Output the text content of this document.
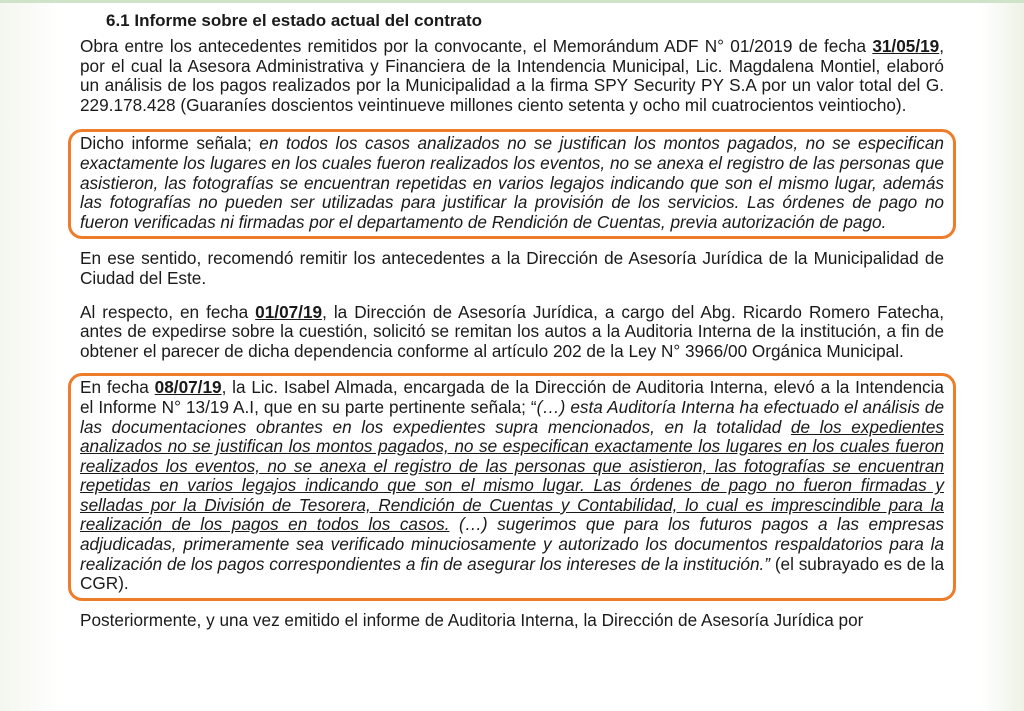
6.1 Informe sobre el estado actual del contrato

Obra entre los antecedentes remitidos por la convocante, el Memorándum ADF N° 01/2019 de fecha 31/05/19, por el cual la Asesora Administrativa y Financiera de la Intendencia Municipal, Lic. Magdalena Montiel, elaboró un análisis de los pagos realizados por la Municipalidad a la firma SPY Security PY S.A por un valor total del G. 229.178.428 (Guaraníes doscientos veintinueve millones ciento setenta y ocho mil cuatrocientos veintiocho).

Dicho informe señala; en todos los casos analizados no se justifican los montos pagados, no se especifican exactamente los lugares en los cuales fueron realizados los eventos, no se anexa el registro de las personas que asistieron, las fotografías se encuentran repetidas en varios legajos indicando que son el mismo lugar, además las fotografías no pueden ser utilizadas para justificar la provisión de los servicios. Las órdenes de pago no fueron verificadas ni firmadas por el departamento de Rendición de Cuentas, previa autorización de pago.

En ese sentido, recomendó remitir los antecedentes a la Dirección de Asesoría Jurídica de la Municipalidad de Ciudad del Este.

Al respecto, en fecha 01/07/19, la Dirección de Asesoría Jurídica, a cargo del Abg. Ricardo Romero Fatecha, antes de expedirse sobre la cuestión, solicitó se remitan los autos a la Auditoria Interna de la institución, a fin de obtener el parecer de dicha dependencia conforme al artículo 202 de la Ley N° 3966/00 Orgánica Municipal.

En fecha 08/07/19, la Lic. Isabel Almada, encargada de la Dirección de Auditoria Interna, elevó a la Intendencia el Informe N° 13/19 A.I, que en su parte pertinente señala; “(…) esta Auditoría Interna ha efectuado el análisis de las documentaciones obrantes en los expedientes supra mencionados, en la totalidad de los expedientes analizados no se justifican los montos pagados, no se especifican exactamente los lugares en los cuales fueron realizados los eventos, no se anexa el registro de las personas que asistieron, las fotografías se encuentran repetidas en varios legajos indicando que son el mismo lugar. Las órdenes de pago no fueron firmadas y selladas por la División de Tesorera, Rendición de Cuentas y Contabilidad, lo cual es imprescindible para la realización de los pagos en todos los casos. (…) sugerimos que para los futuros pagos a las empresas adjudicadas, primeramente sea verificado minuciosamente y autorizado los documentos respaldatorios para la realización de los pagos correspondientes a fin de asegurar los intereses de la institución.” (el subrayado es de la CGR).

Posteriormente, y una vez emitido el informe de Auditoria Interna, la Dirección de Asesoría Jurídica por
